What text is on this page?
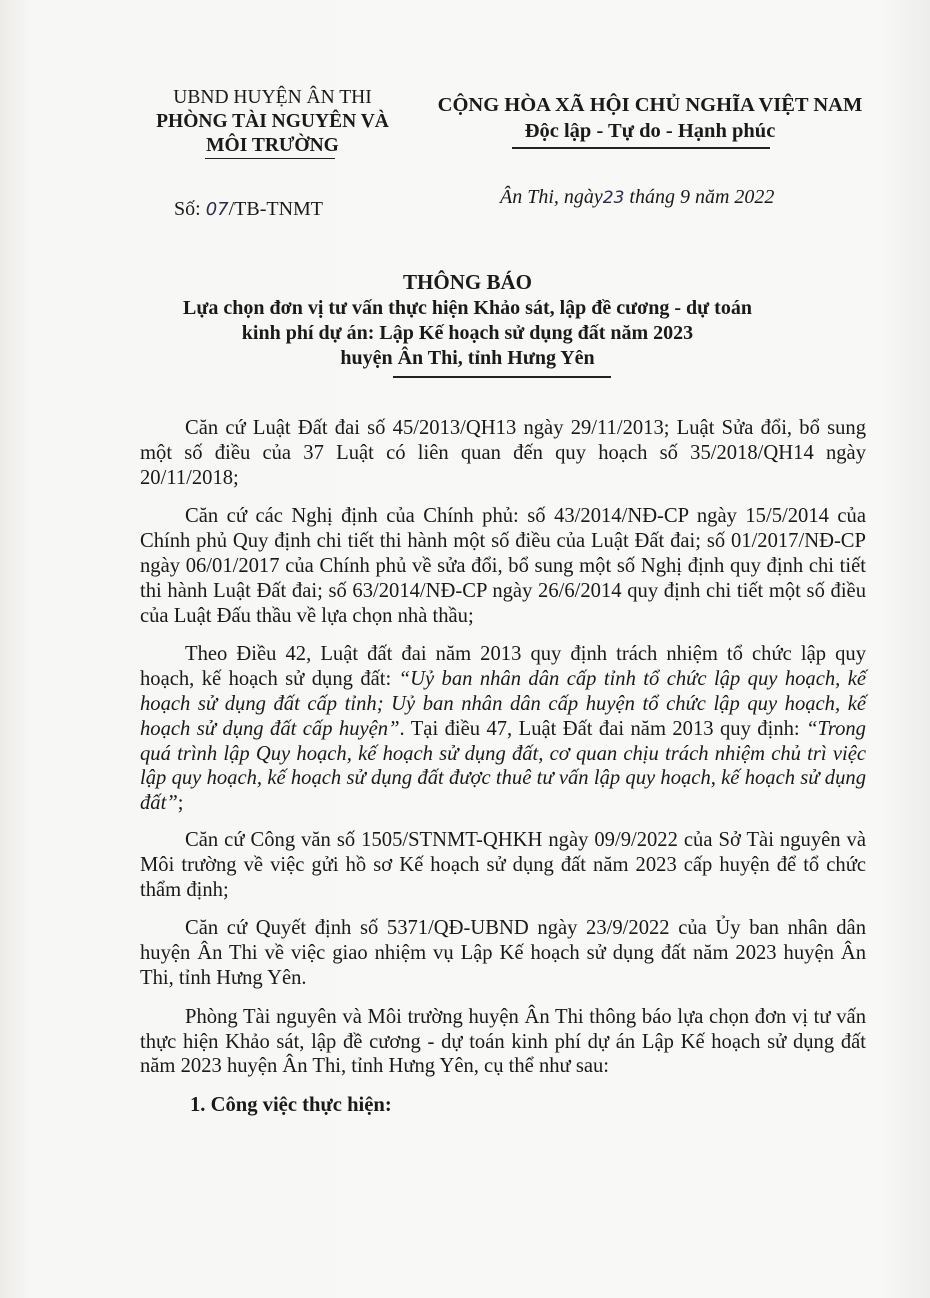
UBND HUYỆN ÂN THI
PHÒNG TÀI NGUYÊN VÀ
MÔI TRƯỜNG
CỘNG HÒA XÃ HỘI CHỦ NGHĨA VIỆT NAM
Độc lập - Tự do - Hạnh phúc
Số: 07/TB-TNMT
Ân Thi, ngày23 tháng 9 năm 2022
THÔNG BÁO
Lựa chọn đơn vị tư vấn thực hiện Khảo sát, lập đề cương - dự toán
kinh phí dự án: Lập Kế hoạch sử dụng đất năm 2023
huyện Ân Thi, tỉnh Hưng Yên

Căn cứ Luật Đất đai số 45/2013/QH13 ngày 29/11/2013; Luật Sửa đổi, bổ sung một số điều của 37 Luật có liên quan đến quy hoạch số 35/2018/QH14 ngày 20/11/2018;

Căn cứ các Nghị định của Chính phủ: số 43/2014/NĐ-CP ngày 15/5/2014 của Chính phủ Quy định chi tiết thi hành một số điều của Luật Đất đai; số 01/2017/NĐ-CP ngày 06/01/2017 của Chính phủ về sửa đổi, bổ sung một số Nghị định quy định chi tiết thi hành Luật Đất đai; số 63/2014/NĐ-CP ngày 26/6/2014 quy định chi tiết một số điều của Luật Đấu thầu về lựa chọn nhà thầu;

Theo Điều 42, Luật đất đai năm 2013 quy định trách nhiệm tổ chức lập quy hoạch, kế hoạch sử dụng đất: “Uỷ ban nhân dân cấp tỉnh tổ chức lập quy hoạch, kế hoạch sử dụng đất cấp tỉnh; Uỷ ban nhân dân cấp huyện tổ chức lập quy hoạch, kế hoạch sử dụng đất cấp huyện”. Tại điều 47, Luật Đất đai năm 2013 quy định: “Trong quá trình lập Quy hoạch, kế hoạch sử dụng đất, cơ quan chịu trách nhiệm chủ trì việc lập quy hoạch, kế hoạch sử dụng đất được thuê tư vấn lập quy hoạch, kế hoạch sử dụng đất”;

Căn cứ Công văn số 1505/STNMT-QHKH ngày 09/9/2022 của Sở Tài nguyên và Môi trường về việc gửi hồ sơ Kế hoạch sử dụng đất năm 2023 cấp huyện để tổ chức thẩm định;

Căn cứ Quyết định số 5371/QĐ-UBND ngày 23/9/2022 của Ủy ban nhân dân huyện Ân Thi về việc giao nhiệm vụ Lập Kế hoạch sử dụng đất năm 2023 huyện Ân Thi, tỉnh Hưng Yên.

Phòng Tài nguyên và Môi trường huyện Ân Thi thông báo lựa chọn đơn vị tư vấn thực hiện Khảo sát, lập đề cương - dự toán kinh phí dự án Lập Kế hoạch sử dụng đất năm 2023 huyện Ân Thi, tỉnh Hưng Yên, cụ thể như sau:

1. Công việc thực hiện:
